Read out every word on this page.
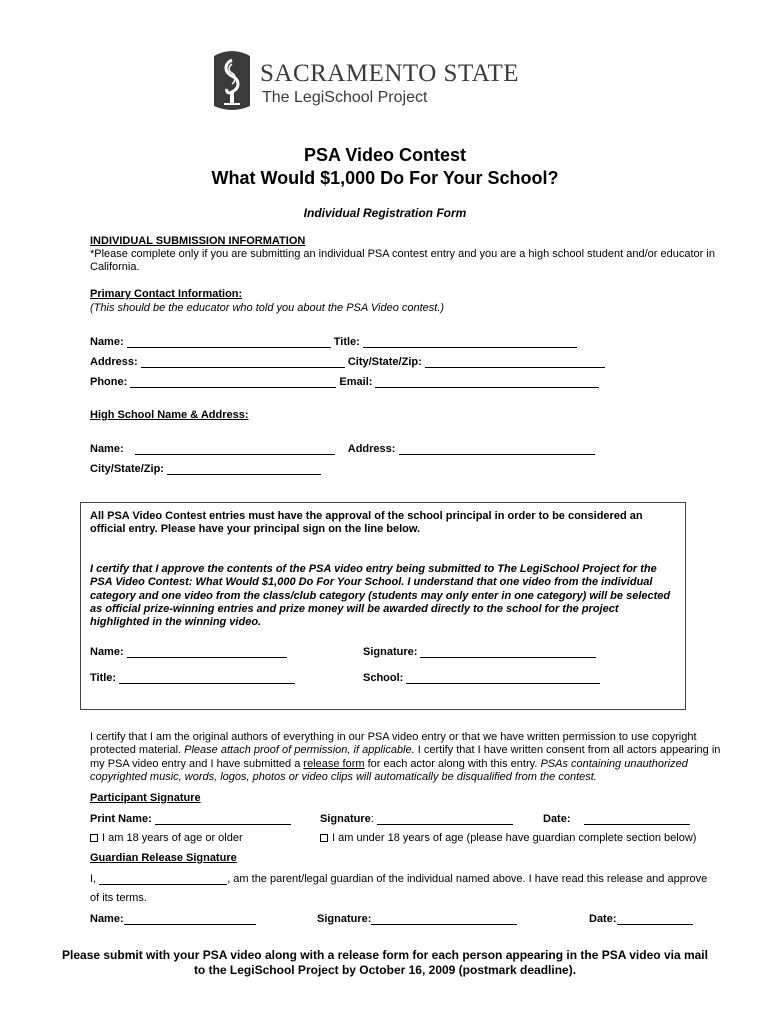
SACRAMENTO STATE
The LegiSchool Project
PSA Video Contest
What Would $1,000 Do For Your School?
Individual Registration Form
INDIVIDUAL SUBMISSION INFORMATION
*Please complete only if you are submitting an individual PSA contest entry and you are a high school student and/or educator in California.
Primary Contact Information:
(This should be the educator who told you about the PSA Video contest.)
Name:	Title:
Address:	City/State/Zip:
Phone:	Email:
High School Name & Address:
Name:	Address:
City/State/Zip:
All PSA Video Contest entries must have the approval of the school principal in order to be considered an official entry. Please have your principal sign on the line below.
I certify that I approve the contents of the PSA video entry being submitted to The LegiSchool Project for the PSA Video Contest: What Would $1,000 Do For Your School. I understand that one video from the individual category and one video from the class/club category (students may only enter in one category) will be selected as official prize-winning entries and prize money will be awarded directly to the school for the project highlighted in the winning video.
Name:	Signature:
Title:	School:
I certify that I am the original authors of everything in our PSA video entry or that we have written permission to use copyright protected material. Please attach proof of permission, if applicable. I certify that I have written consent from all actors appearing in my PSA video entry and I have submitted a release form for each actor along with this entry. PSAs containing unauthorized copyrighted music, words, logos, photos or video clips will automatically be disqualified from the contest.
Participant Signature
Print Name:	Signature:	Date:
I am 18 years of age or older	I am under 18 years of age (please have guardian complete section below)
Guardian Release Signature
I,	, am the parent/legal guardian of the individual named above. I have read this release and approve
of its terms.
Name:	Signature:	Date:
Please submit with your PSA video along with a release form for each person appearing in the PSA video via mail
to the LegiSchool Project by October 16, 2009 (postmark deadline).
